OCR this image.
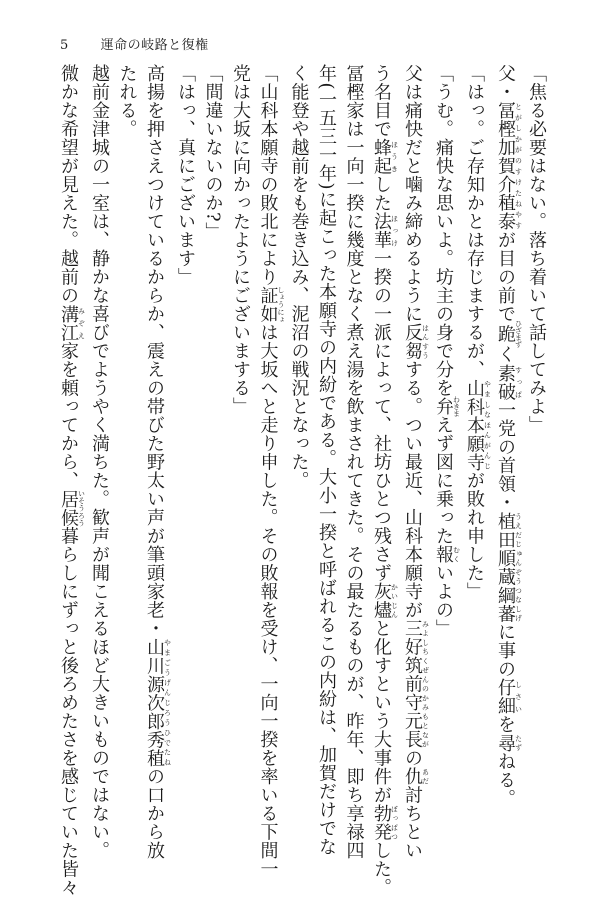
5 運命の岐路と復権
「焦る必要はない。落ち着いて話してみよ」
父・冨樫加賀介稙泰とがしかがのすけたねやすが目の前で跪ひざまずく素破すっぱ一党の首領・植田順蔵綱蕃うえだじゅんぞうつなしげに事の仔細しさいを尋たずねる。
「はっ。ご存知かとは存じまするが、山科本願寺やましなほんがんじが敗れ申した」
「うむ。痛快な思いよ。坊主の身で分を弁わきまえず図に乗った報むくいよの」
父は痛快だと噛み締めるように反芻はんすうする。つい最近、山科本願寺が三好筑前守元長みよしちくぜんのかみもとながの仇あだ討ちとい
う名目で蜂起ほうきした法華ほっけ一揆の一派によって、社坊ひとつ残さず灰燼かいじんと化すという大事件が勃発ぼっぱつした。
冨樫家は一向一揆に幾度となく煮え湯を飲まされてきた。その最たるものが、昨年、即ち享禄四
年(一五三一年)に起こった本願寺の内紛である。大小一揆と呼ばれるこの内紛は、加賀だけでな
く能登や越前をも巻き込み、泥沼の戦況となった。
「山科本願寺の敗北により証如しょうにょは大坂へと走り申した。その敗報を受け、一向一揆を率いる下間一
党は大坂に向かったようにございまする」
「間違いないのか?」
「はっ、真にございます」
高揚を押さえつけているからか、震えの帯びた野太い声が筆頭家老・山川源次郎秀稙やまごうげんじろうひでたねの口から放
たれる。
越前金津城の一室は、静かな喜びでようやく満ちた。歓声が聞こえるほど大きいものではない。
微かな希望が見えた。越前の溝江みぞえ家を頼ってから、居候いそうろう暮らしにずっと後ろめたさを感じていた皆々
